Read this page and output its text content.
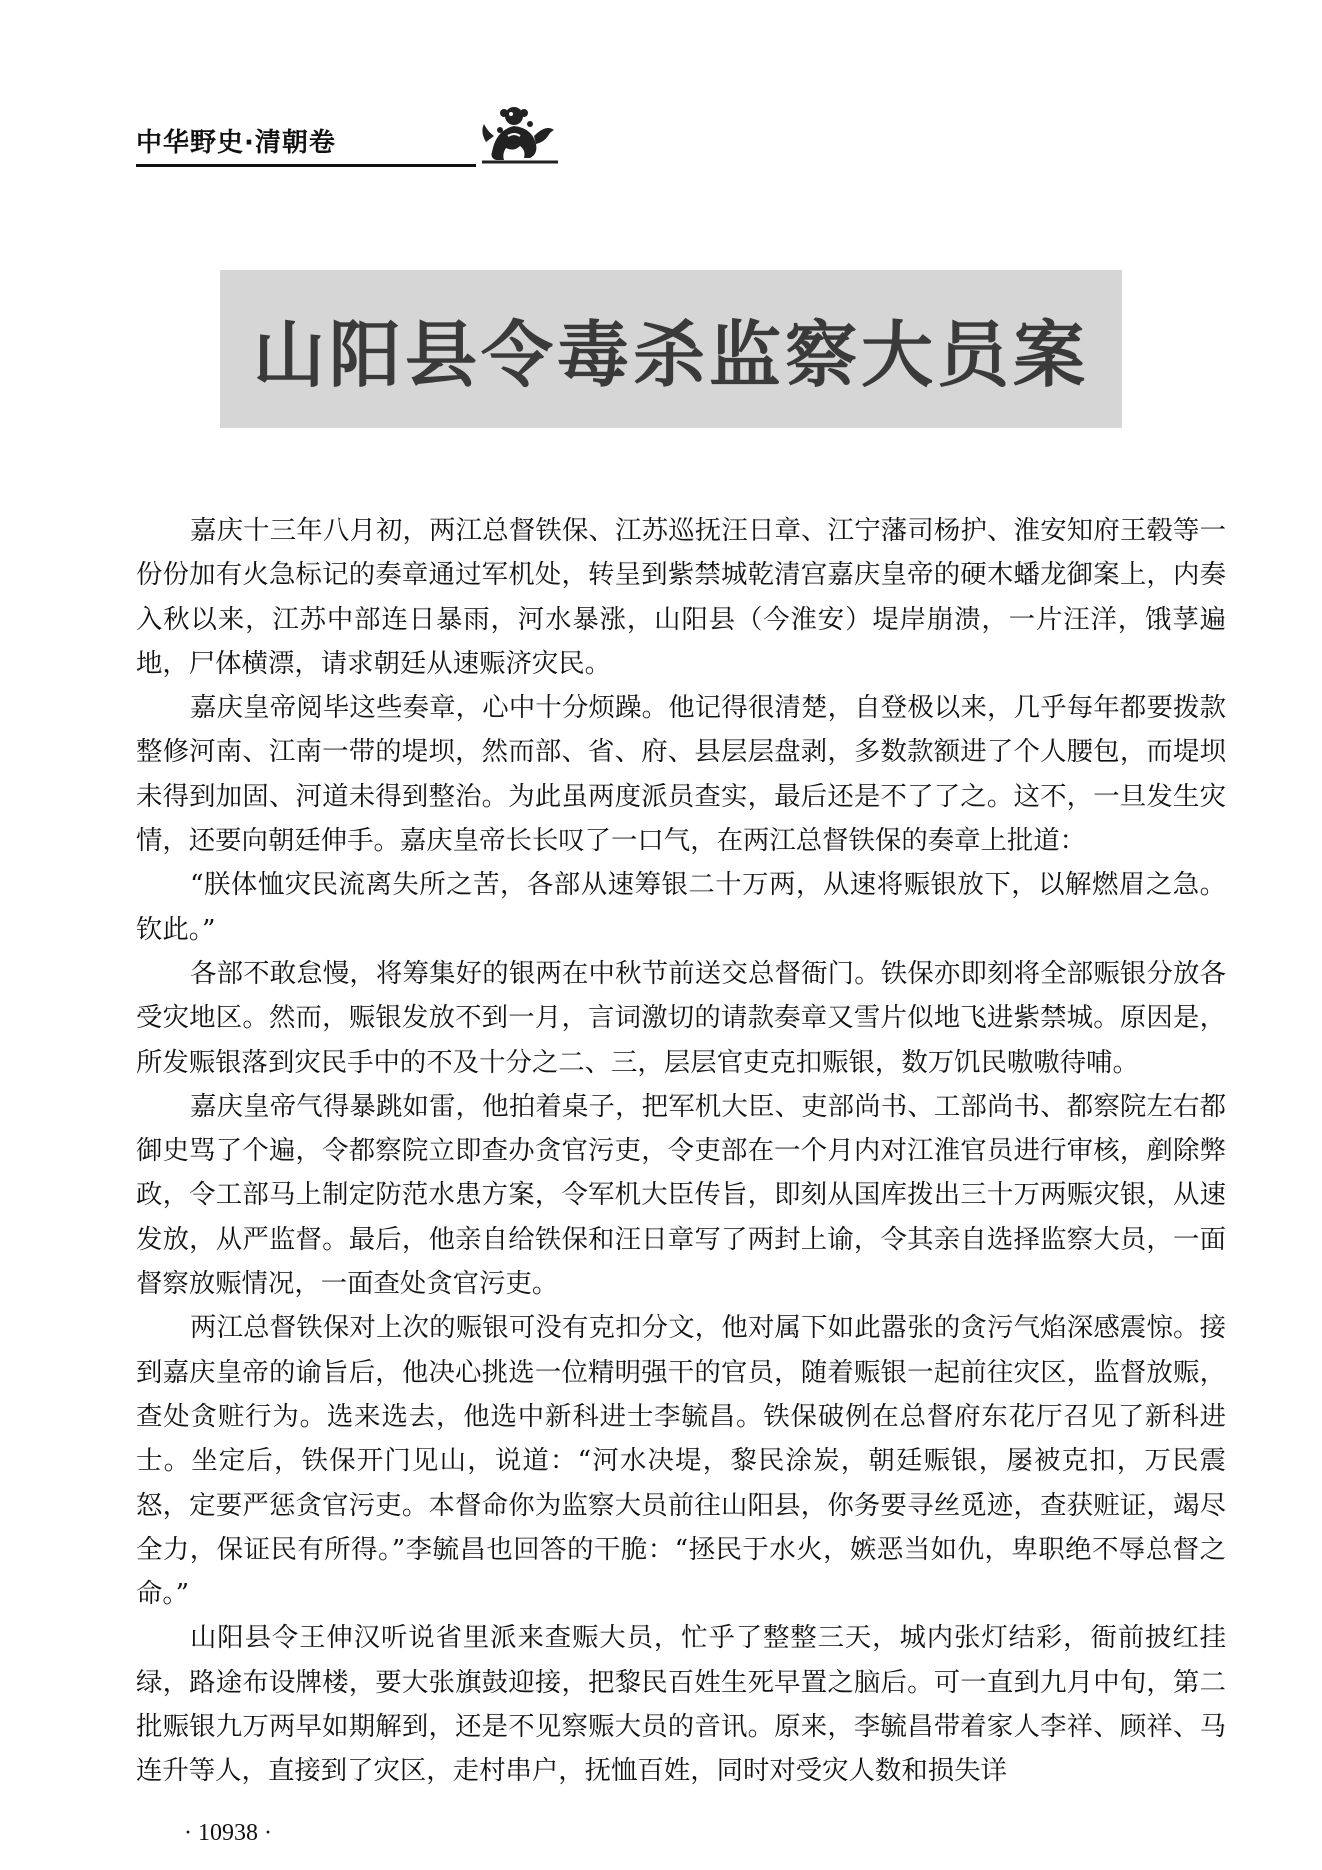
中华野史·清朝卷
山阳县令毒杀监察大员案

嘉庆十三年八月初，两江总督铁保、江苏巡抚汪日章、江宁藩司杨护、淮安知府王毂等一份份加有火急标记的奏章通过军机处，转呈到紫禁城乾清宫嘉庆皇帝的硬木蟠龙御案上，内奏入秋以来，江苏中部连日暴雨，河水暴涨，山阳县（今淮安）堤岸崩溃，一片汪洋，饿莩遍地，尸体横漂，请求朝廷从速赈济灾民。

嘉庆皇帝阅毕这些奏章，心中十分烦躁。他记得很清楚，自登极以来，几乎每年都要拨款整修河南、江南一带的堤坝，然而部、省、府、县层层盘剥，多数款额进了个人腰包，而堤坝未得到加固、河道未得到整治。为此虽两度派员查实，最后还是不了了之。这不，一旦发生灾情，还要向朝廷伸手。嘉庆皇帝长长叹了一口气，在两江总督铁保的奏章上批道：

“朕体恤灾民流离失所之苦，各部从速筹银二十万两，从速将赈银放下，以解燃眉之急。钦此。”

各部不敢怠慢，将筹集好的银两在中秋节前送交总督衙门。铁保亦即刻将全部赈银分放各受灾地区。然而，赈银发放不到一月，言词激切的请款奏章又雪片似地飞进紫禁城。原因是，所发赈银落到灾民手中的不及十分之二、三，层层官吏克扣赈银，数万饥民嗷嗷待哺。

嘉庆皇帝气得暴跳如雷，他拍着桌子，把军机大臣、吏部尚书、工部尚书、都察院左右都御史骂了个遍，令都察院立即查办贪官污吏，令吏部在一个月内对江淮官员进行审核，剷除弊政，令工部马上制定防范水患方案，令军机大臣传旨，即刻从国库拨出三十万两赈灾银，从速发放，从严监督。最后，他亲自给铁保和汪日章写了两封上谕，令其亲自选择监察大员，一面督察放赈情况，一面查处贪官污吏。

两江总督铁保对上次的赈银可没有克扣分文，他对属下如此嚣张的贪污气焰深感震惊。接到嘉庆皇帝的谕旨后，他决心挑选一位精明强干的官员，随着赈银一起前往灾区，监督放赈，查处贪赃行为。选来选去，他选中新科进士李毓昌。铁保破例在总督府东花厅召见了新科进士。坐定后，铁保开门见山，说道：“河水决堤，黎民涂炭，朝廷赈银，屡被克扣，万民震怒，定要严惩贪官污吏。本督命你为监察大员前往山阳县，你务要寻丝觅迹，查获赃证，竭尽全力，保证民有所得。”李毓昌也回答的干脆：“拯民于水火，嫉恶当如仇，卑职绝不辱总督之命。”

山阳县令王伸汉听说省里派来查赈大员，忙乎了整整三天，城内张灯结彩，衙前披红挂绿，路途布设牌楼，要大张旗鼓迎接，把黎民百姓生死早置之脑后。可一直到九月中旬，第二批赈银九万两早如期解到，还是不见察赈大员的音讯。原来，李毓昌带着家人李祥、顾祥、马连升等人，直接到了灾区，走村串户，抚恤百姓，同时对受灾人数和损失详

· 10938 ·
